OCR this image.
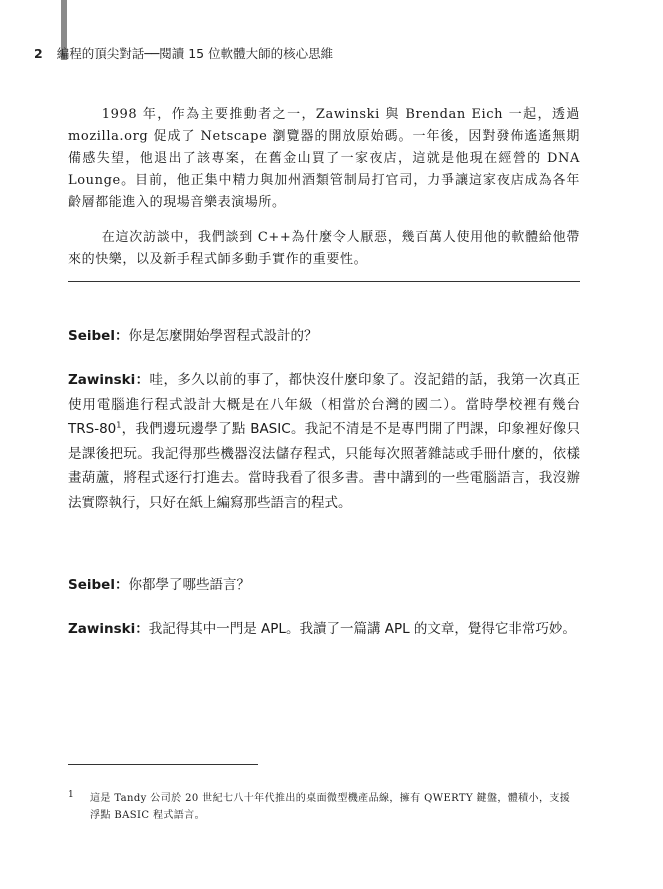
2 編程的頂尖對話──閱讀 15 位軟體大師的核心思維

1998 年，作為主要推動者之一，Zawinski 與 Brendan Eich 一起，透過 mozilla.org 促成了 Netscape 瀏覽器的開放原始碼。一年後，因對發佈遙遙無期備感失望，他退出了該專案，在舊金山買了一家夜店，這就是他現在經營的 DNA Lounge。目前，他正集中精力與加州酒類管制局打官司，力爭讓這家夜店成為各年齡層都能進入的現場音樂表演場所。

在這次訪談中，我們談到 C++為什麼令人厭惡，幾百萬人使用他的軟體給他帶來的快樂，以及新手程式師多動手實作的重要性。

Seibel：你是怎麼開始學習程式設計的？
Zawinski：哇，多久以前的事了，都快沒什麼印象了。沒記錯的話，我第一次真正使用電腦進行程式設計大概是在八年級（相當於台灣的國二）。當時學校裡有幾台 TRS-$80^1$，我們邊玩邊學了點 BASIC。我記不清是不是專門開了門課，印象裡好像只是課後把玩。我記得那些機器沒法儲存程式，只能每次照著雜誌或手冊什麼的，依樣畫葫蘆，將程式逐行打進去。當時我看了很多書。書中講到的一些電腦語言，我沒辦法實際執行，只好在紙上編寫那些語言的程式。
Seibel：你都學了哪些語言？
Zawinski：我記得其中一門是 APL。我讀了一篇講 APL 的文章，覺得它非常巧妙。
1	這是 Tandy 公司於 20 世紀七八十年代推出的桌面微型機產品線，擁有 QWERTY 鍵盤，體積小，支援浮點 BASIC 程式語言。
